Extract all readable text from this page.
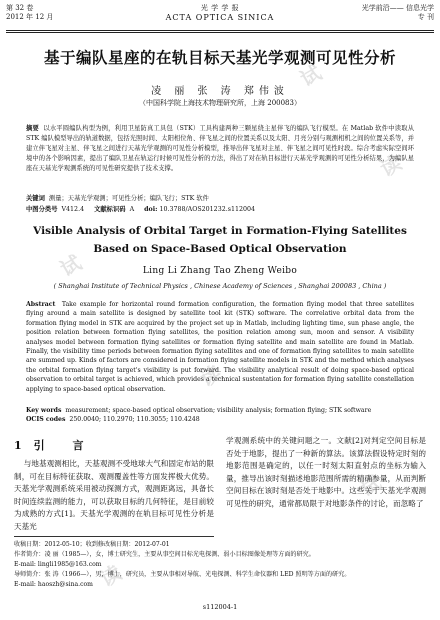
试
读
试
读
试
读
第 32 卷
2012 年 12 月
光 学 学 报
ACTA OPTICA SINICA
光学前沿—— 信息光学
专 刊
基于编队星座的在轨目标天基光学观测可见性分析
凌 丽 张 涛 郑伟波
（中国科学院上海技术物理研究所，上海 200083）
摘要 以水平圆编队构型为例，利用卫星防真工具包（STK）工具构建两种三颗星绕主星伴飞的编队飞行模型。在 Matlab 软件中读取从 STK 编队模型导出的轨道数据，包括光照时间、太阳相位角、伴飞星之间的位置关系以及太阳、月亮分别与观测相机之间的位置关系等，并建立伴飞星对主星、伴飞星之间进行天基光学观测的可见性分析模型，推导出伴飞星对主星、伴飞星之间可见性时段。综合考虑实际空间环境中的各个影响因素，提出了编队卫星在轨运行时候可见性分析的方法，得出了对在轨目标进行天基光学观测的可见性分析结果，为编队星座在天基光学观测系统的可见性研究提供了技术支撑。
关键词 测量；天基光学观测；可见性分析；编队飞行；STK 软件
中图分类号 V412.4 文献标识码 A doi: 10.3788/AOS201232.s112004
Visible Analysis of Orbital Target in Formation-Flying Satellites Based on Space-Based Optical Observation
Ling Li Zhang Tao Zheng Weibo
( Shanghai Institute of Technical Physics , Chinese Academy of Sciences , Shanghai 200083 , China )
Abstract Take example for horizontal round formation configuration, the formation flying model that three satellites flying around a main satellite is designed by satellite tool kit (STK) software. The correlative orbital data from the formation flying model in STK are acquired by the project set up in Matlab, including lighting time, sun phase angle, the position relation between formation flying satellites, the position relation among sun, moon and sensor. A visibility analyses model between formation flying satellites or formation flying satellite and main satellite are found in Matlab. Finally, the visibility time periods between formation flying satellites and one of formation flying satellites to main satellite are summed up. Kinds of factors are considered in formation flying satellite models in STK and the method which analyses the orbital formation flying target's visibility is put forward. The visibility analytical result of doing space-based optical observation to orbital target is achieved, which provides a technical sustentation for formation flying satellite constellation applying to space-based optical observation.
Key words measurement; space-based optical observation; visibility analysis; formation flying; STK software
OCIS codes 250.0040; 110.2970; 110.3055; 110.4248
1引 言
与地基观测相比，天基观测不受地球大气和固定布站的限制，可在目标特征获取、观测覆盖性等方面发挥极大优势。天基光学观测系统采用被动探测方式，观测距离远，具备长时间连续监测的能力，可以获取目标的几何特征，是目前较为成熟的方式[1]。天基光学观测的在轨目标可见性分析是天基光
学观测系统中的关键问题之一。文献[2]对判定空间目标是否处于地影，提出了一种新的算法。该算法假设特定时刻的地影范围是确定的，以任一时刻太阳直射点的坐标为输入量，推导出该时刻描述地影范围所需的精确参量，从而判断空间目标在该时刻是否处于地影中。这些关于天基光学观测可见性的研究，通常都局限于对地影条件的讨论，而忽略了
收稿日期：2012-05-10；收到修改稿日期：2012-07-01
作者简介：凌 丽（1985—），女，博士研究生，主要从事空间目标光电探测、弱小目标图像处理等方面的研究。
E-mail: lingli1985@163.com
导师简介：张 涛（1966—），男，博士，研究员，主要从事相对导航、光电探测、科学生命仪器和 LED 照明等方面的研究。
E-mail: haoszh@sina.com
s112004-1
